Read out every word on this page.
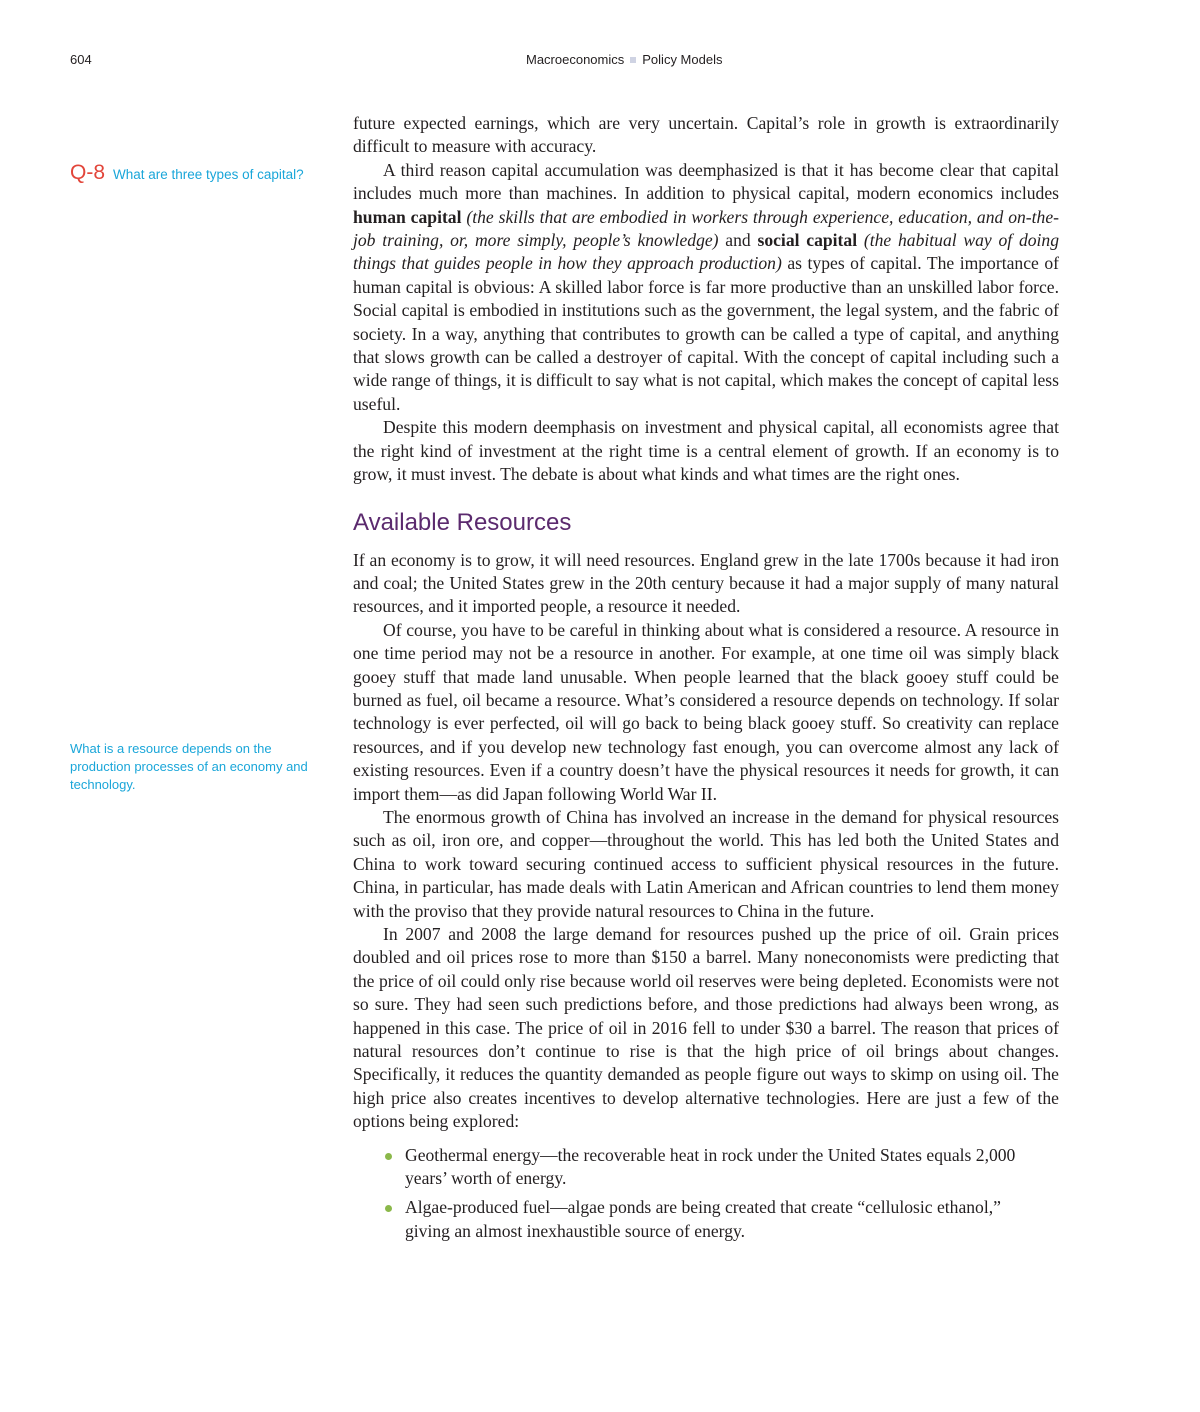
604	Macroeconomics Policy Models
Q-8 What are three types of capital?
What is a resource depends on the production processes of an economy and technology.

future expected earnings, which are very uncertain. Capital’s role in growth is extraordinarily difficult to measure with accuracy.

A third reason capital accumulation was deemphasized is that it has become clear that capital includes much more than machines. In addition to physical capital, modern economics includes human capital (the skills that are embodied in workers through experience, education, and on-the-job training, or, more simply, people’s knowledge) and social capital (the habitual way of doing things that guides people in how they approach production) as types of capital. The importance of human capital is obvious: A skilled labor force is far more productive than an unskilled labor force. Social capital is embodied in institutions such as the government, the legal system, and the fabric of society. In a way, anything that contributes to growth can be called a type of capital, and anything that slows growth can be called a destroyer of capital. With the concept of capital including such a wide range of things, it is difficult to say what is not capital, which makes the concept of capital less useful.

Despite this modern deemphasis on investment and physical capital, all economists agree that the right kind of investment at the right time is a central element of growth. If an economy is to grow, it must invest. The debate is about what kinds and what times are the right ones.

Available Resources

If an economy is to grow, it will need resources. England grew in the late 1700s because it had iron and coal; the United States grew in the 20th century because it had a major supply of many natural resources, and it imported people, a resource it needed.

Of course, you have to be careful in thinking about what is considered a resource. A resource in one time period may not be a resource in another. For example, at one time oil was simply black gooey stuff that made land unusable. When people learned that the black gooey stuff could be burned as fuel, oil became a resource. What’s considered a resource depends on technology. If solar technology is ever perfected, oil will go back to being black gooey stuff. So creativity can replace resources, and if you develop new technology fast enough, you can overcome almost any lack of existing resources. Even if a country doesn’t have the physical resources it needs for growth, it can import them—as did Japan following World War II.

The enormous growth of China has involved an increase in the demand for physical resources such as oil, iron ore, and copper—throughout the world. This has led both the United States and China to work toward securing continued access to sufficient physical resources in the future. China, in particular, has made deals with Latin American and African countries to lend them money with the proviso that they provide natural resources to China in the future.

In 2007 and 2008 the large demand for resources pushed up the price of oil. Grain prices doubled and oil prices rose to more than $150 a barrel. Many noneconomists were predicting that the price of oil could only rise because world oil reserves were being depleted. Economists were not so sure. They had seen such predictions before, and those predictions had always been wrong, as happened in this case. The price of oil in 2016 fell to under $30 a barrel. The reason that prices of natural resources don’t continue to rise is that the high price of oil brings about changes. Specifically, it reduces the quantity demanded as people figure out ways to skimp on using oil. The high price also creates incentives to develop alternative technologies. Here are just a few of the options being explored:

Geothermal energy—the recoverable heat in rock under the United States equals 2,000 years’ worth of energy.
Algae-produced fuel—algae ponds are being created that create “cellulosic ethanol,” giving an almost inexhaustible source of energy.
